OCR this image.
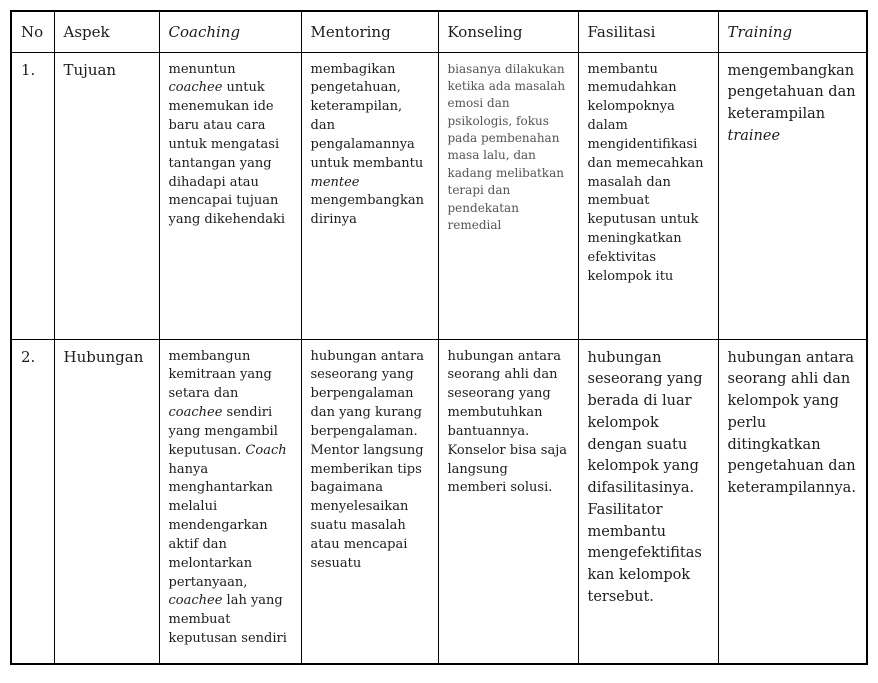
No	Aspek	Coaching	Mentoring	Konseling	Fasilitasi	Training
1.	Tujuan	menuntun coachee untuk menemukan ide baru atau cara untuk mengatasi tantangan yang dihadapi atau mencapai tujuan yang dikehendaki	membagikan pengetahuan, keterampilan, dan pengalamannya untuk membantu mentee mengembangkan dirinya	biasanya dilakukan ketika ada masalah emosi dan psikologis, fokus pada pembenahan masa lalu, dan kadang melibatkan terapi dan pendekatan remedial	membantu memudahkan kelompoknya dalam mengidentifikasi dan memecahkan masalah dan membuat keputusan untuk meningkatkan efektivitas kelompok itu	mengembangkan pengetahuan dan keterampilan trainee
2.	Hubungan	membangun kemitraan yang setara dan coachee sendiri yang mengambil keputusan. Coach hanya menghantarkan melalui mendengarkan aktif dan melontarkan pertanyaan, coachee lah yang membuat keputusan sendiri	hubungan antara seseorang yang berpengalaman dan yang kurang berpengalaman. Mentor langsung memberikan tips bagaimana menyelesaikan suatu masalah atau mencapai sesuatu	hubungan antara seorang ahli dan seseorang yang membutuhkan bantuannya. Konselor bisa saja langsung memberi solusi.	hubungan seseorang yang berada di luar kelompok dengan suatu kelompok yang difasilitasinya. Fasilitator membantu mengefektifitaskan kelompok tersebut.	hubungan antara seorang ahli dan kelompok yang perlu ditingkatkan pengetahuan dan keterampilannya.
